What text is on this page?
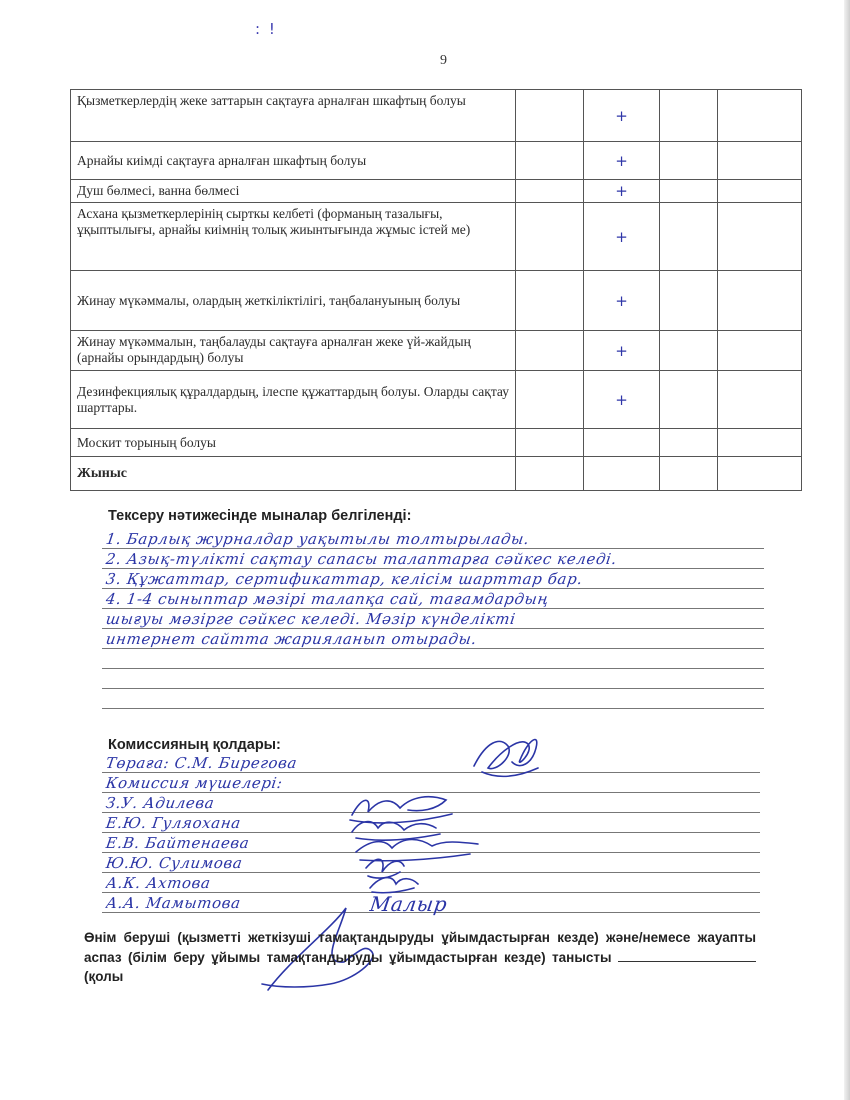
: !
9
Қызметкерлердің жеке заттарын сақтауға арналған шкафтың болуы		+		
Арнайы киімді сақтауға арналған шкафтың болуы		+		
Душ бөлмесі, ванна бөлмесі		+		
Асхана қызметкерлерінің сырткы келбеті (форманың тазалығы, ұқыптылығы, арнайы киімнің толық жиынтығында жұмыс істей ме)		+		
Жинау мүкәммалы, олардың жеткіліктілігі, таңбалануының болуы		+		
Жинау мүкәммалын, таңбалауды сақтауға арналған жеке үй-жайдың (арнайы орындардың) болуы		+		
Дезинфекциялық құралдардың, ілеспе құжаттардың болуы. Оларды сақтау шарттары.		+		
Москит торының болуы				
Жыныс				
Тексеру нәтижесінде мыналар белгіленді:
1. Барлық журналдар уақытылы толтырылады.
2. Азық-түлікті сақтау сапасы талаптарға сәйкес келеді.
3. Құжаттар, сертификаттар, келісім шарттар бар.
4. 1-4 сыныптар мәзірі талапқа сай, тағамдардың
шығуы мәзірге сәйкес келеді. Мәзір күнделікті
интернет сайтта жарияланып отырады.
Комиссияның қолдары:
Төраға: С.М. Бирегова
Комиссия мүшелері:
З.У. Адилева
Е.Ю. Гуляохана
Е.В. Байтенаева
Ю.Ю. Сулимова
А.К. Ахтова
А.А. Мамытова	Малыр
Өнім беруші (қызметті жеткізуші тамақтандыруды ұйымдастырған кезде) және/немесе жауапты аспаз (білім беру ұйымы тамақтандыруды ұйымдастырған кезде) танысты  (қолы
